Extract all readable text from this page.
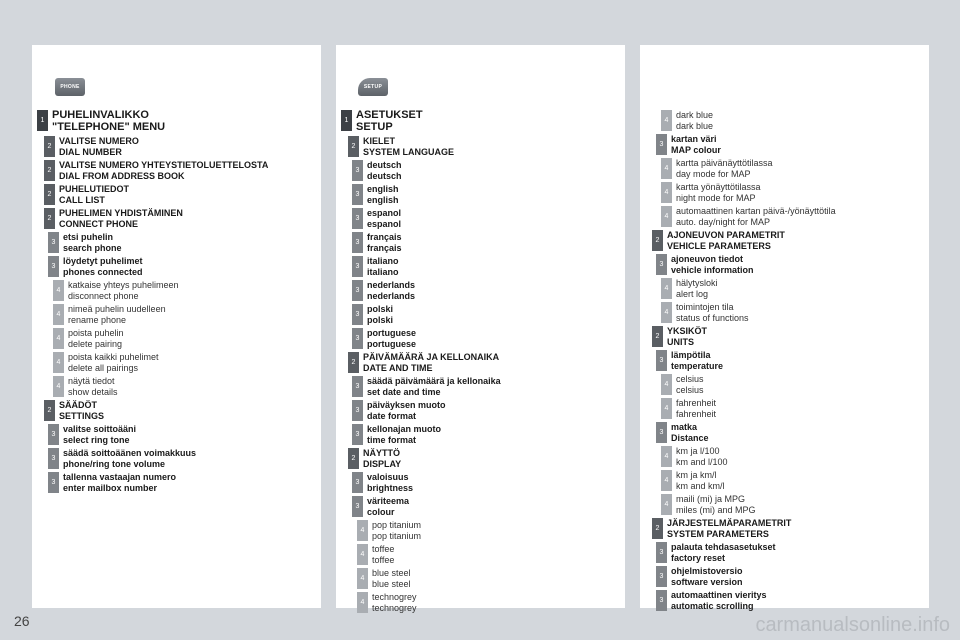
PHONE
1 PUHELINVALIKKO
"TELEPHONE" MENU
2
VALITSE NUMERO
DIAL NUMBER
2
VALITSE NUMERO YHTEYSTIETOLUETTELOSTA
DIAL FROM ADDRESS BOOK
2
PUHELUTIEDOT
CALL LIST
2
PUHELIMEN YHDISTÄMINEN
CONNECT PHONE
3
etsi puhelin
search phone
3
löydetyt puhelimet
phones connected
4
katkaise yhteys puhelimeen
disconnect phone
4
nimeä puhelin uudelleen
rename phone
4
poista puhelin
delete pairing
4
poista kaikki puhelimet
delete all pairings
4
näytä tiedot
show details
2
SÄÄDÖT
SETTINGS
3
valitse soittoääni
select ring tone
3
säädä soittoäänen voimakkuus
phone/ring tone volume
3
tallenna vastaajan numero
enter mailbox number
SETUP
1 ASETUKSET
SETUP
2
KIELET
SYSTEM LANGUAGE
3
deutsch
deutsch
3
english
english
3
espanol
espanol
3
français
français
3
italiano
italiano
3
nederlands
nederlands
3
polski
polski
3
portuguese
portuguese
2
PÄIVÄMÄÄRÄ JA KELLONAIKA
DATE AND TIME
3
säädä päivämäärä ja kellonaika
set date and time
3
päiväyksen muoto
date format
3
kellonajan muoto
time format
2
NÄYTTÖ
DISPLAY
3
valoisuus
brightness
3
väriteema
colour
4
pop titanium
pop titanium
4
toffee
toffee
4
blue steel
blue steel
4
technogrey
technogrey
4
dark blue
dark blue
3
kartan väri
MAP colour
4
kartta päivänäyttötilassa
day mode for MAP
4
kartta yönäyttötilassa
night mode for MAP
4
automaattinen kartan päivä-/yönäyttötila
auto. day/night for MAP
2
AJONEUVON PARAMETRIT
VEHICLE PARAMETERS
3
ajoneuvon tiedot
vehicle information
4
hälytysloki
alert log
4
toimintojen tila
status of functions
2
YKSIKÖT
UNITS
3
lämpötila
temperature
4
celsius
celsius
4
fahrenheit
fahrenheit
3
matka
Distance
4
km ja l/100
km and l/100
4
km ja km/l
km and km/l
4
maili (mi) ja MPG
miles (mi) and MPG
2
JÄRJESTELMÄPARAMETRIT
SYSTEM PARAMETERS
3
palauta tehdasasetukset
factory reset
3
ohjelmistoversio
software version
3
automaattinen vieritys
automatic scrolling
26	carmanualsonline.info
